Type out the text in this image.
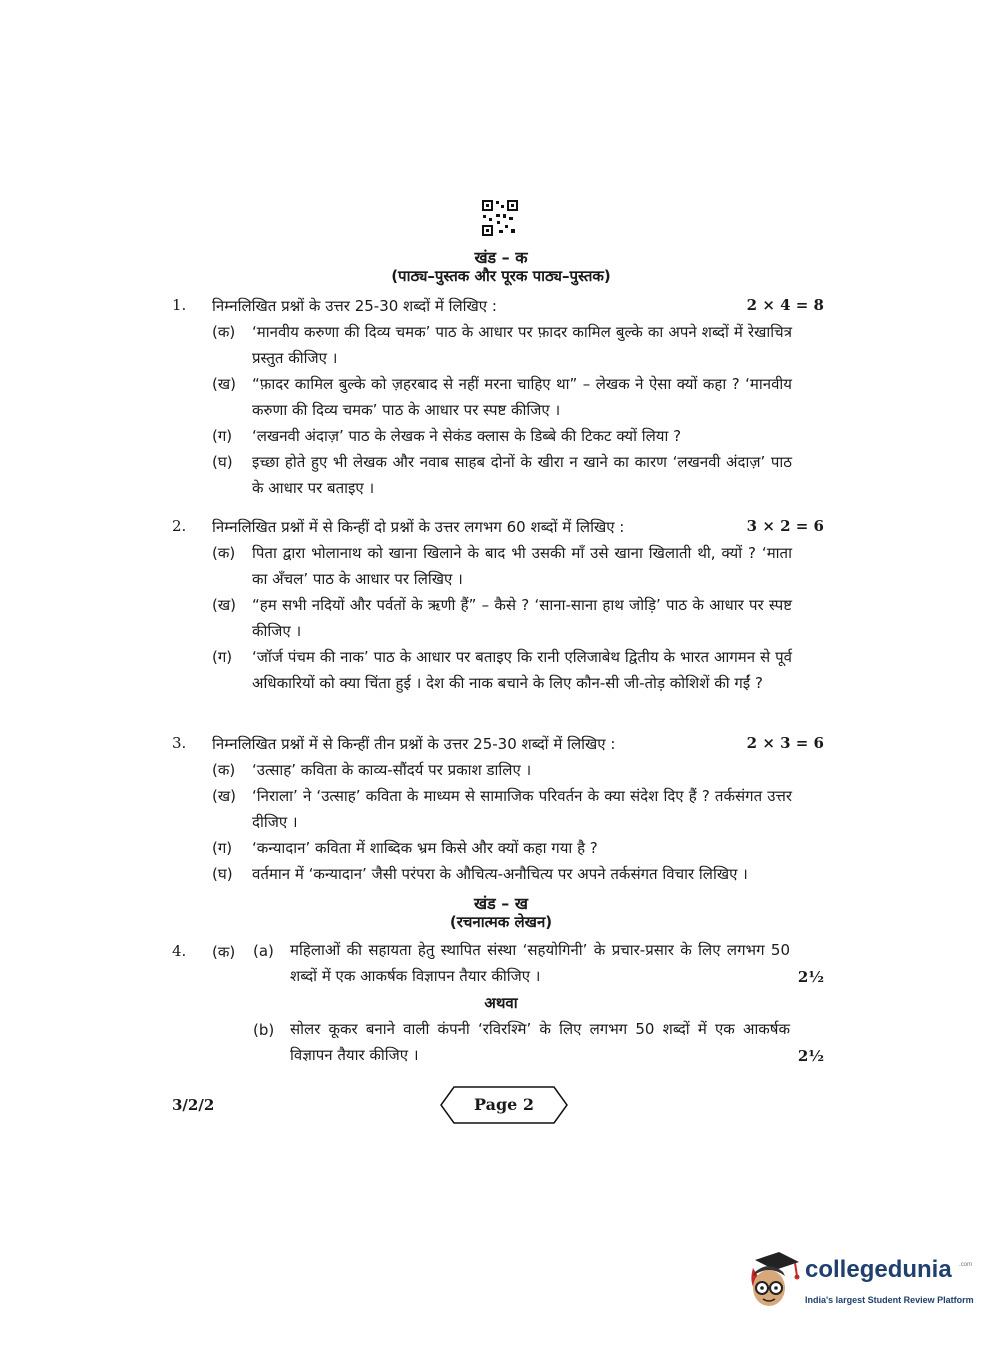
खंड – क
(पाठ्य–पुस्तक और पूरक पाठ्य–पुस्तक)
1. निम्नलिखित प्रश्नों के उत्तर 25-30 शब्दों में लिखिए :	2 × 4 = 8
(क) ‘मानवीय करुणा की दिव्य चमक’ पाठ के आधार पर फ़ादर कामिल बुल्के का अपने शब्दों में रेखाचित्र प्रस्तुत कीजिए ।
(ख) “फ़ादर कामिल बुल्के को ज़हरबाद से नहीं मरना चाहिए था” – लेखक ने ऐसा क्यों कहा ? ‘मानवीय करुणा की दिव्य चमक’ पाठ के आधार पर स्पष्ट कीजिए ।
(ग) ‘लखनवी अंदाज़’ पाठ के लेखक ने सेकंड क्लास के डिब्बे की टिकट क्यों लिया ?
(घ) इच्छा होते हुए भी लेखक और नवाब साहब दोनों के खीरा न खाने का कारण ‘लखनवी अंदाज़’ पाठ के आधार पर बताइए ।
2. निम्नलिखित प्रश्नों में से किन्हीं दो प्रश्नों के उत्तर लगभग 60 शब्दों में लिखिए :	3 × 2 = 6
(क) पिता द्वारा भोलानाथ को खाना खिलाने के बाद भी उसकी माँ उसे खाना खिलाती थी, क्यों ? ‘माता का अँचल’ पाठ के आधार पर लिखिए ।
(ख) “हम सभी नदियों और पर्वतों के ऋणी हैं” – कैसे ? ‘साना-साना हाथ जोड़ि’ पाठ के आधार पर स्पष्ट कीजिए ।
(ग) ‘जॉर्ज पंचम की नाक’ पाठ के आधार पर बताइए कि रानी एलिजाबेथ द्वितीय के भारत आगमन से पूर्व अधिकारियों को क्या चिंता हुई । देश की नाक बचाने के लिए कौन-सी जी-तोड़ कोशिशें की गईं ?
3. निम्नलिखित प्रश्नों में से किन्हीं तीन प्रश्नों के उत्तर 25-30 शब्दों में लिखिए :	2 × 3 = 6
(क) ‘उत्साह’ कविता के काव्य-सौंदर्य पर प्रकाश डालिए ।
(ख) ‘निराला’ ने ‘उत्साह’ कविता के माध्यम से सामाजिक परिवर्तन के क्या संदेश दिए हैं ? तर्कसंगत उत्तर दीजिए ।
(ग) ‘कन्यादान’ कविता में शाब्दिक भ्रम किसे और क्यों कहा गया है ?
(घ) वर्तमान में ‘कन्यादान’ जैसी परंपरा के औचित्य-अनौचित्य पर अपने तर्कसंगत विचार लिखिए ।
खंड – ख
(रचनात्मक लेखन)
4. (क) (a) महिलाओं की सहायता हेतु स्थापित संस्था ‘सहयोगिनी’ के प्रचार-प्रसार के लिए लगभग 50 शब्दों में एक आकर्षक विज्ञापन तैयार कीजिए ।	2½
अथवा
(b) सोलर कूकर बनाने वाली कंपनी ‘रविरश्मि’ के लिए लगभग 50 शब्दों में एक आकर्षक विज्ञापन तैयार कीजिए ।	2½
3/2/2	Page 2
collegedunia .com
India's largest Student Review Platform
